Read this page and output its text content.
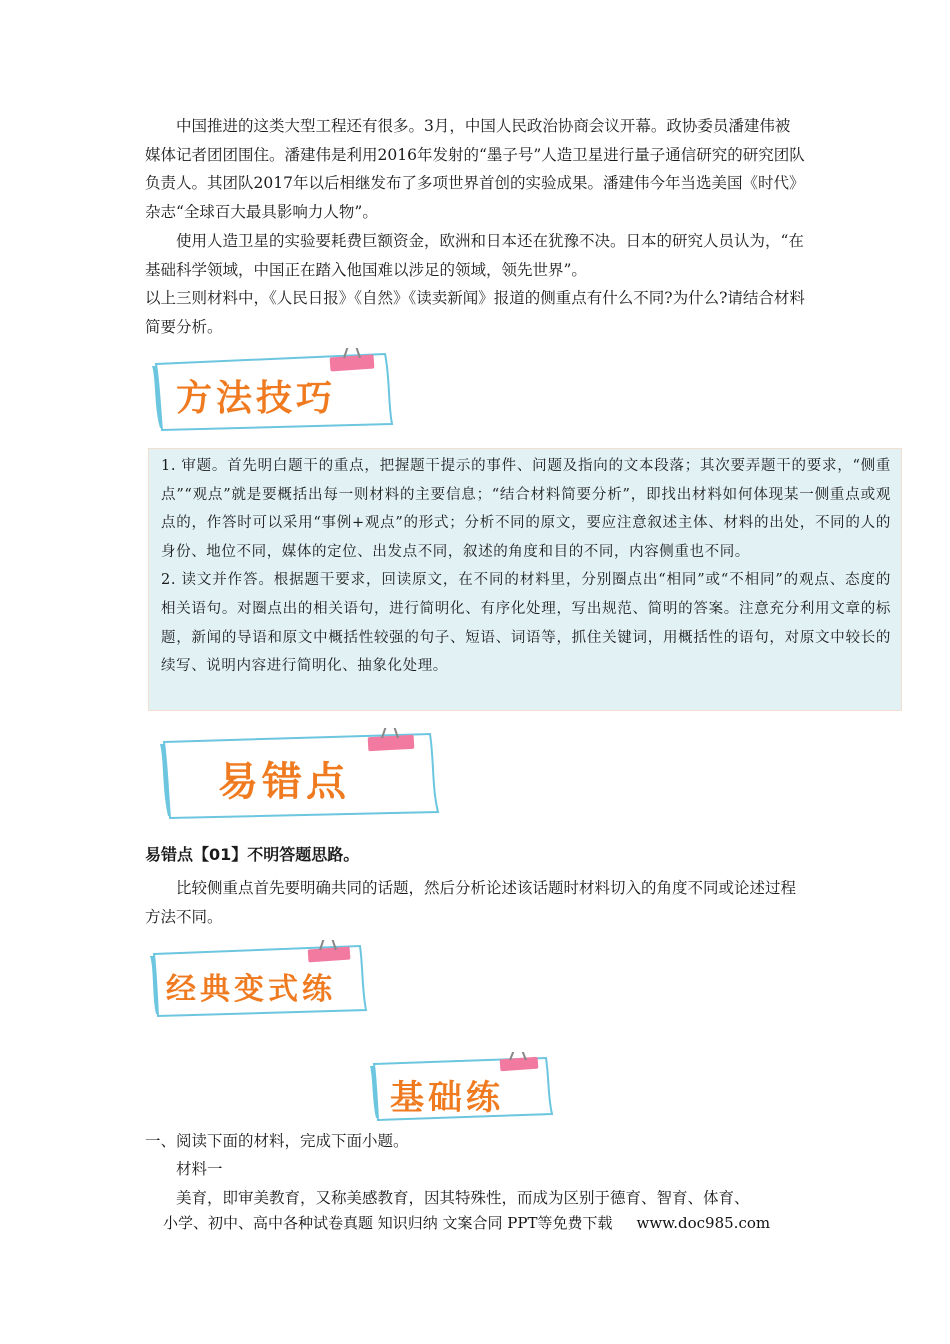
中国推进的这类大型工程还有很多。3月，中国人民政治协商会议开幕。政协委员潘建伟被媒体记者团团围住。潘建伟是利用2016年发射的“墨子号”人造卫星进行量子通信研究的研究团队负责人。其团队2017年以后相继发布了多项世界首创的实验成果。潘建伟今年当选美国《时代》杂志“全球百大最具影响力人物”。

使用人造卫星的实验要耗费巨额资金，欧洲和日本还在犹豫不决。日本的研究人员认为，“在基础科学领域，中国正在踏入他国难以涉足的领域，领先世界”。

以上三则材料中，《人民日报》《自然》《读卖新闻》报道的侧重点有什么不同?为什么?请结合材料简要分析。

方法技巧

1. 审题。首先明白题干的重点，把握题干提示的事件、问题及指向的文本段落；其次要弄题干的要求，“侧重点”“观点”就是要概括出每一则材料的主要信息；“结合材料简要分析”，即找出材料如何体现某一侧重点或观点的，作答时可以采用“事例+观点”的形式；分析不同的原文，要应注意叙述主体、材料的出处，不同的人的身份、地位不同，媒体的定位、出发点不同，叙述的角度和目的不同，内容侧重也不同。

2. 读文并作答。根据题干要求，回读原文，在不同的材料里，分别圈点出“相同”或“不相同”的观点、态度的相关语句。对圈点出的相关语句，进行简明化、有序化处理，写出规范、简明的答案。注意充分利用文章的标题，新闻的导语和原文中概括性较强的句子、短语、词语等，抓住关键词，用概括性的语句，对原文中较长的续写、说明内容进行简明化、抽象化处理。

易错点
易错点【01】不明答题思路。

比较侧重点首先要明确共同的话题，然后分析论述该话题时材料切入的角度不同或论述过程方法不同。

经典变式练
基础练

一、阅读下面的材料，完成下面小题。

材料一

美育，即审美教育，又称美感教育，因其特殊性，而成为区别于德育、智育、体育、

小学、初中、高中各种试卷真题 知识归纳 文案合同 PPT等免费下载 www.doc985.com
